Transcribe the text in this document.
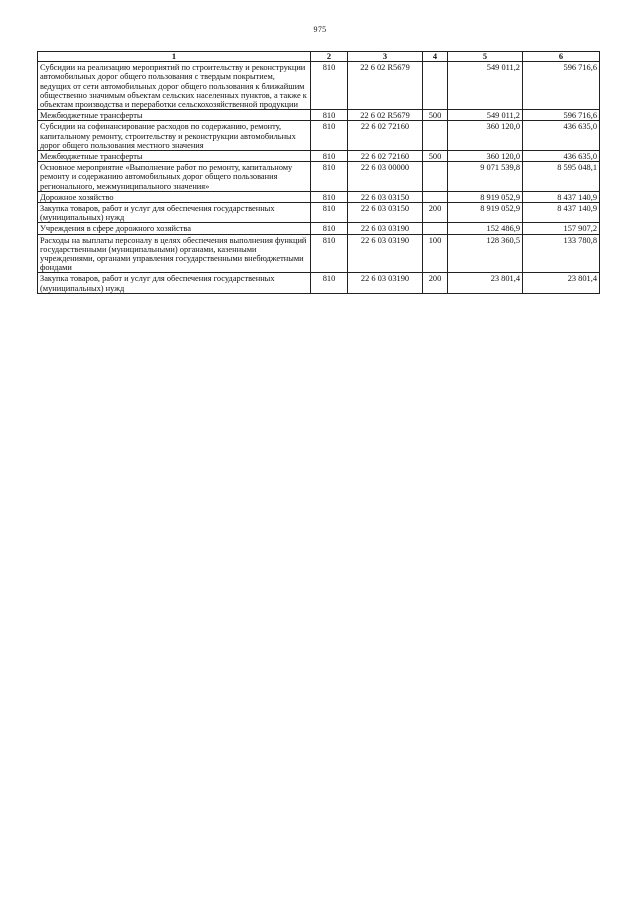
975
1	2	3	4	5	6
Субсидии на реализацию мероприятий по строительству и реконструкции автомобильных дорог общего пользования с твердым покрытием, ведущих от сети автомобильных дорог общего пользования к ближайшим общественно значимым объектам сельских населенных пунктов, а также к объектам производства и переработки сельскохозяйственной продукции	810	22 6 02 R5679		549 011,2	596 716,6
Межбюджетные трансферты	810	22 6 02 R5679	500	549 011,2	596 716,6
Субсидии на софинансирование расходов по содержанию, ремонту, капитальному ремонту, строительству и реконструкции автомобильных дорог общего пользования местного значения	810	22 6 02 72160		360 120,0	436 635,0
Межбюджетные трансферты	810	22 6 02 72160	500	360 120,0	436 635,0
Основное мероприятие «Выполнение работ по ремонту, капитальному ремонту и содержанию автомобильных дорог общего пользования регионального, межмуниципального значения»	810	22 6 03 00000		9 071 539,8	8 595 048,1
Дорожное хозяйство	810	22 6 03 03150		8 919 052,9	8 437 140,9
Закупка товаров, работ и услуг для обеспечения государственных (муниципальных) нужд	810	22 6 03 03150	200	8 919 052,9	8 437 140,9
Учреждения в сфере дорожного хозяйства	810	22 6 03 03190		152 486,9	157 907,2
Расходы на выплаты персоналу в целях обеспечения выполнения функций государственными (муниципальными) органами, казенными учреждениями, органами управления государственными внебюджетными фондами	810	22 6 03 03190	100	128 360,5	133 780,8
Закупка товаров, работ и услуг для обеспечения государственных (муниципальных) нужд	810	22 6 03 03190	200	23 801,4	23 801,4
